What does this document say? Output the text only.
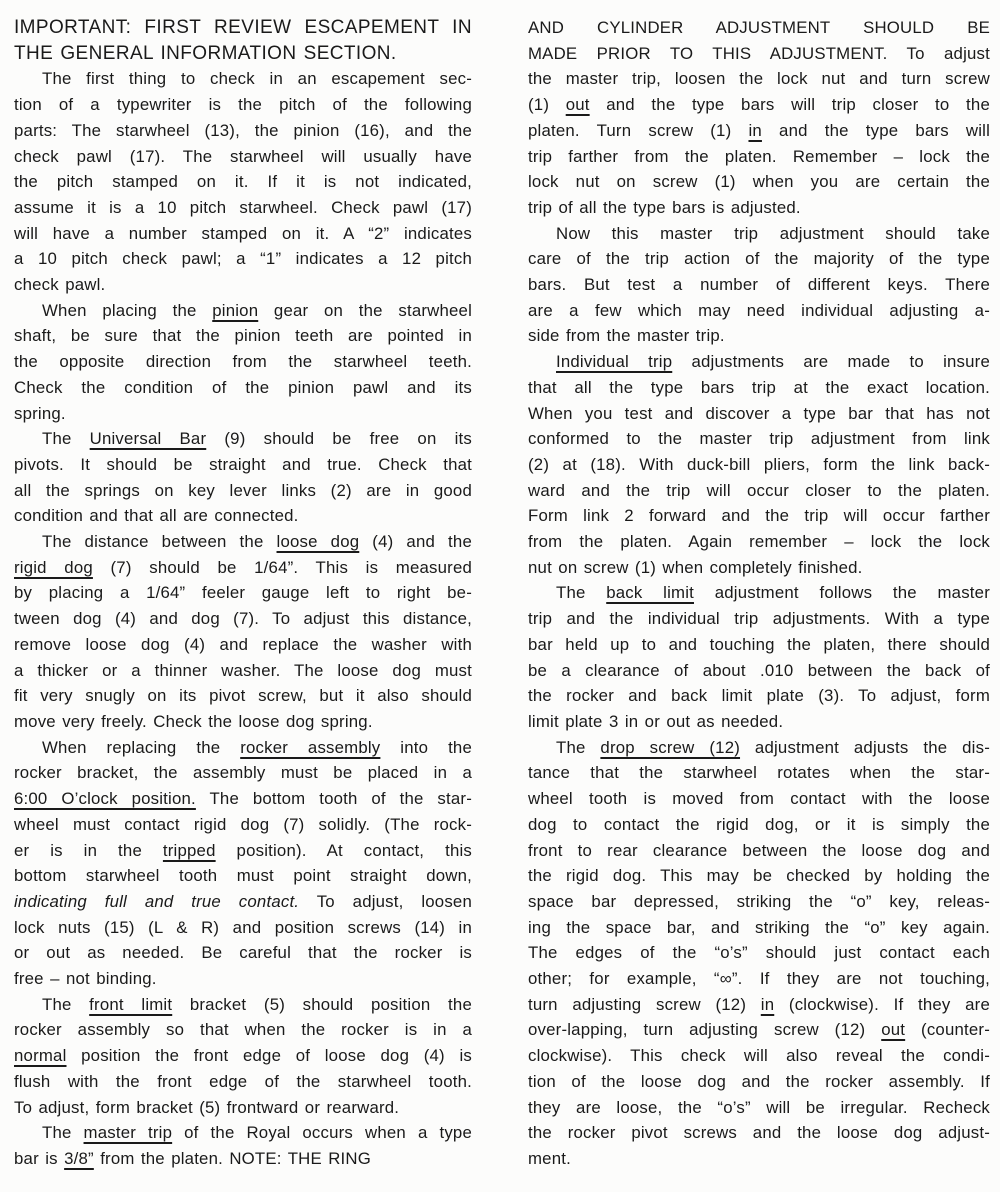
IMPORTANT: FIRST REVIEW ESCAPEMENT IN
THE GENERAL INFORMATION SECTION.
The first thing to check in an escapement sec-
tion of a typewriter is the pitch of the following
parts: The starwheel (13), the pinion (16), and the
check pawl (17). The starwheel will usually have
the pitch stamped on it. If it is not indicated,
assume it is a 10 pitch starwheel. Check pawl (17)
will have a number stamped on it. A “2” indicates
a 10 pitch check pawl; a “1” indicates a 12 pitch
check pawl.
When placing the pinion gear on the starwheel
shaft, be sure that the pinion teeth are pointed in
the opposite direction from the starwheel teeth.
Check the condition of the pinion pawl and its
spring.
The Universal Bar (9) should be free on its
pivots. It should be straight and true. Check that
all the springs on key lever links (2) are in good
condition and that all are connected.
The distance between the loose dog (4) and the
rigid dog (7) should be 1/64”. This is measured
by placing a 1/64” feeler gauge left to right be-
tween dog (4) and dog (7). To adjust this distance,
remove loose dog (4) and replace the washer with
a thicker or a thinner washer. The loose dog must
fit very snugly on its pivot screw, but it also should
move very freely. Check the loose dog spring.
When replacing the rocker assembly into the
rocker bracket, the assembly must be placed in a
6:00 O’clock position. The bottom tooth of the star-
wheel must contact rigid dog (7) solidly. (The rock-
er is in the tripped position). At contact, this
bottom starwheel tooth must point straight down,
indicating full and true contact. To adjust, loosen
lock nuts (15) (L & R) and position screws (14) in
or out as needed. Be careful that the rocker is
free – not binding.
The front limit bracket (5) should position the
rocker assembly so that when the rocker is in a
normal position the front edge of loose dog (4) is
flush with the front edge of the starwheel tooth.
To adjust, form bracket (5) frontward or rearward.
The master trip of the Royal occurs when a type
bar is 3/8” from the platen. NOTE: THE RING
AND CYLINDER ADJUSTMENT SHOULD BE
MADE PRIOR TO THIS ADJUSTMENT. To adjust
the master trip, loosen the lock nut and turn screw
(1) out and the type bars will trip closer to the
platen. Turn screw (1) in and the type bars will
trip farther from the platen. Remember – lock the
lock nut on screw (1) when you are certain the
trip of all the type bars is adjusted.
Now this master trip adjustment should take
care of the trip action of the majority of the type
bars. But test a number of different keys. There
are a few which may need individual adjusting a-
side from the master trip.
Individual trip adjustments are made to insure
that all the type bars trip at the exact location.
When you test and discover a type bar that has not
conformed to the master trip adjustment from link
(2) at (18). With duck-bill pliers, form the link back-
ward and the trip will occur closer to the platen.
Form link 2 forward and the trip will occur farther
from the platen. Again remember – lock the lock
nut on screw (1) when completely finished.
The back limit adjustment follows the master
trip and the individual trip adjustments. With a type
bar held up to and touching the platen, there should
be a clearance of about .010 between the back of
the rocker and back limit plate (3). To adjust, form
limit plate 3 in or out as needed.
The drop screw (12) adjustment adjusts the dis-
tance that the starwheel rotates when the star-
wheel tooth is moved from contact with the loose
dog to contact the rigid dog, or it is simply the
front to rear clearance between the loose dog and
the rigid dog. This may be checked by holding the
space bar depressed, striking the “o” key, releas-
ing the space bar, and striking the “o” key again.
The edges of the “o’s” should just contact each
other; for example, “∞”. If they are not touching,
turn adjusting screw (12) in (clockwise). If they are
over-lapping, turn adjusting screw (12) out (counter-
clockwise). This check will also reveal the condi-
tion of the loose dog and the rocker assembly. If
they are loose, the “o’s” will be irregular. Recheck
the rocker pivot screws and the loose dog adjust-
ment.
